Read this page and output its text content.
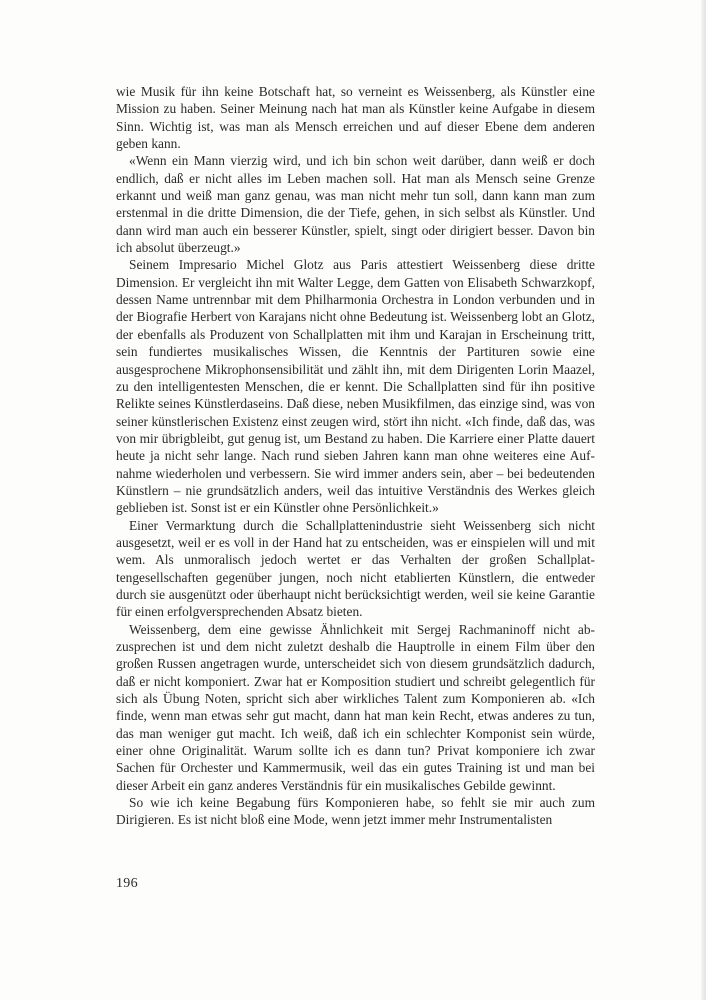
wie Musik für ihn keine Botschaft hat, so verneint es Weissenberg, als Künstler eine Mission zu haben. Seiner Meinung nach hat man als Künstler keine Aufgabe in diesem Sinn. Wichtig ist, was man als Mensch erreichen und auf dieser Ebene dem anderen geben kann.

«Wenn ein Mann vierzig wird, und ich bin schon weit darüber, dann weiß er doch endlich, daß er nicht alles im Leben machen soll. Hat man als Mensch seine Grenze erkannt und weiß man ganz genau, was man nicht mehr tun soll, dann kann man zum erstenmal in die dritte Dimension, die der Tiefe, gehen, in sich selbst als Künstler. Und dann wird man auch ein besserer Künstler, spielt, singt oder dirigiert besser. Davon bin ich absolut überzeugt.»

Seinem Impresario Michel Glotz aus Paris attestiert Weissenberg diese dritte Dimension. Er vergleicht ihn mit Walter Legge, dem Gatten von Elisabeth Schwarzkopf, dessen Name untrennbar mit dem Philharmonia Orchestra in London verbunden und in der Biografie Herbert von Karajans nicht ohne Bedeutung ist. Weissenberg lobt an Glotz, der ebenfalls als Produzent von Schallplatten mit ihm und Karajan in Erscheinung tritt, sein fundiertes musikalisches Wissen, die Kenntnis der Partituren sowie eine ausgesprochene Mikrophonsensibilität und zählt ihn, mit dem Dirigenten Lorin Maazel, zu den intelligentesten Menschen, die er kennt. Die Schallplatten sind für ihn positive Relikte seines Künstlerdaseins. Daß diese, neben Musikfilmen, das einzige sind, was von seiner künstlerischen Existenz einst zeugen wird, stört ihn nicht. «Ich finde, daß das, was von mir übrigbleibt, gut genug ist, um Bestand zu haben. Die Karriere einer Platte dauert heute ja nicht sehr lange. Nach rund sieben Jahren kann man ohne weiteres eine Aufnahme wiederholen und verbessern. Sie wird immer anders sein, aber – bei bedeutenden Künstlern – nie grundsätzlich anders, weil das intuitive Verständnis des Werkes gleich geblieben ist. Sonst ist er ein Künstler ohne Persönlichkeit.»

Einer Vermarktung durch die Schallplattenindustrie sieht Weissenberg sich nicht ausgesetzt, weil er es voll in der Hand hat zu entscheiden, was er einspielen will und mit wem. Als unmoralisch jedoch wertet er das Verhalten der großen Schallplattengesellschaften gegenüber jungen, noch nicht etablierten Künstlern, die entweder durch sie ausgenützt oder überhaupt nicht berücksichtigt werden, weil sie keine Garantie für einen erfolgversprechenden Absatz bieten.

Weissenberg, dem eine gewisse Ähnlichkeit mit Sergej Rachmaninoff nicht abzusprechen ist und dem nicht zuletzt deshalb die Hauptrolle in einem Film über den großen Russen angetragen wurde, unterscheidet sich von diesem grundsätzlich dadurch, daß er nicht komponiert. Zwar hat er Komposition studiert und schreibt gelegentlich für sich als Übung Noten, spricht sich aber wirkliches Talent zum Komponieren ab. «Ich finde, wenn man etwas sehr gut macht, dann hat man kein Recht, etwas anderes zu tun, das man weniger gut macht. Ich weiß, daß ich ein schlechter Komponist sein würde, einer ohne Originalität. Warum sollte ich es dann tun? Privat komponiere ich zwar Sachen für Orchester und Kammermusik, weil das ein gutes Training ist und man bei dieser Arbeit ein ganz anderes Verständnis für ein musikalisches Gebilde gewinnt.

So wie ich keine Begabung fürs Komponieren habe, so fehlt sie mir auch zum Dirigieren. Es ist nicht bloß eine Mode, wenn jetzt immer mehr Instrumentalisten

196
